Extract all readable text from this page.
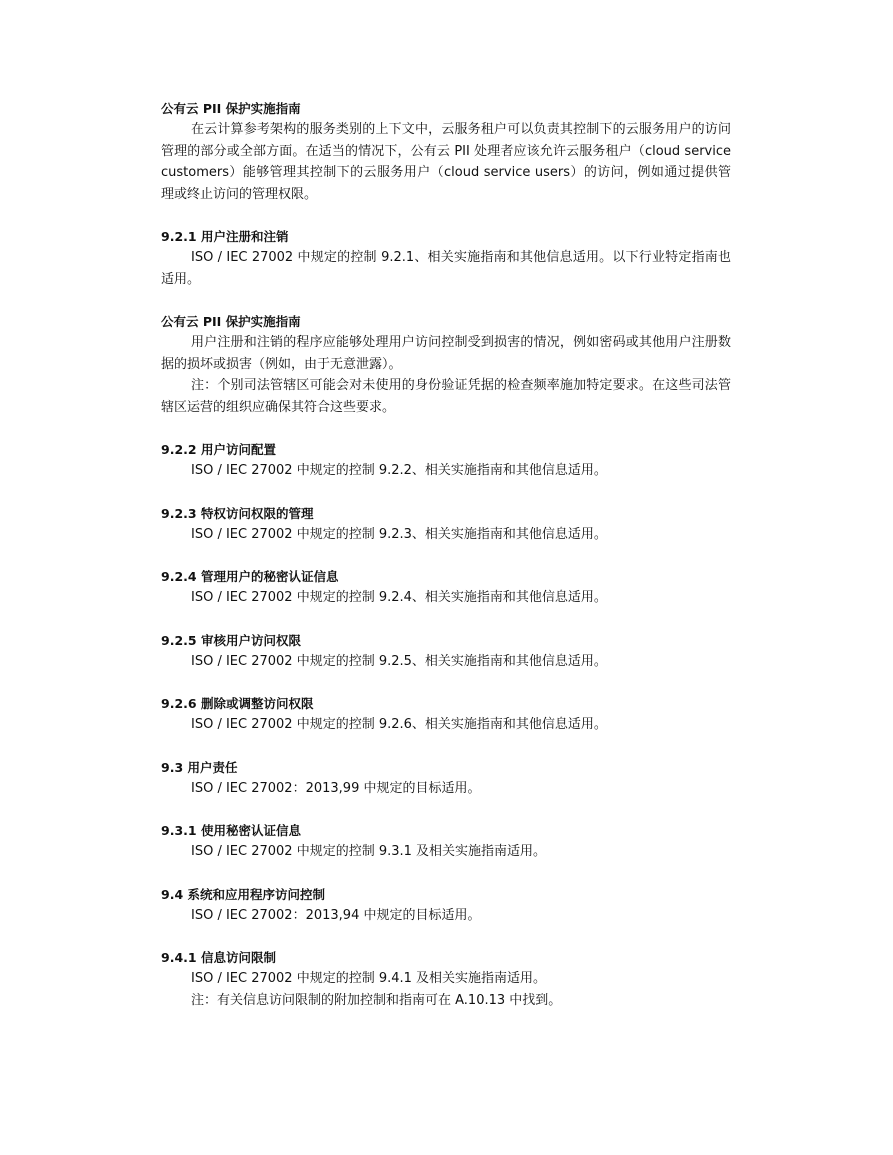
公有云 PII 保护实施指南

在云计算参考架构的服务类别的上下文中，云服务租户可以负责其控制下的云服务用户的访问管理的部分或全部方面。在适当的情况下，公有云 PII 处理者应该允许云服务租户（cloud service customers）能够管理其控制下的云服务用户（cloud service users）的访问，例如通过提供管理或终止访问的管理权限。

9.2.1 用户注册和注销

ISO / IEC 27002 中规定的控制 9.2.1、相关实施指南和其他信息适用。以下行业特定指南也适用。

公有云 PII 保护实施指南

用户注册和注销的程序应能够处理用户访问控制受到损害的情况，例如密码或其他用户注册数据的损坏或损害（例如，由于无意泄露）。

注：个别司法管辖区可能会对未使用的身份验证凭据的检查频率施加特定要求。在这些司法管辖区运营的组织应确保其符合这些要求。

9.2.2 用户访问配置

ISO / IEC 27002 中规定的控制 9.2.2、相关实施指南和其他信息适用。

9.2.3 特权访问权限的管理

ISO / IEC 27002 中规定的控制 9.2.3、相关实施指南和其他信息适用。

9.2.4 管理用户的秘密认证信息

ISO / IEC 27002 中规定的控制 9.2.4、相关实施指南和其他信息适用。

9.2.5 审核用户访问权限

ISO / IEC 27002 中规定的控制 9.2.5、相关实施指南和其他信息适用。

9.2.6 删除或调整访问权限

ISO / IEC 27002 中规定的控制 9.2.6、相关实施指南和其他信息适用。

9.3 用户责任

ISO / IEC 27002：2013,99 中规定的目标适用。

9.3.1 使用秘密认证信息

ISO / IEC 27002 中规定的控制 9.3.1 及相关实施指南适用。

9.4 系统和应用程序访问控制

ISO / IEC 27002：2013,94 中规定的目标适用。

9.4.1 信息访问限制

ISO / IEC 27002 中规定的控制 9.4.1 及相关实施指南适用。

注：有关信息访问限制的附加控制和指南可在 A.10.13 中找到。
